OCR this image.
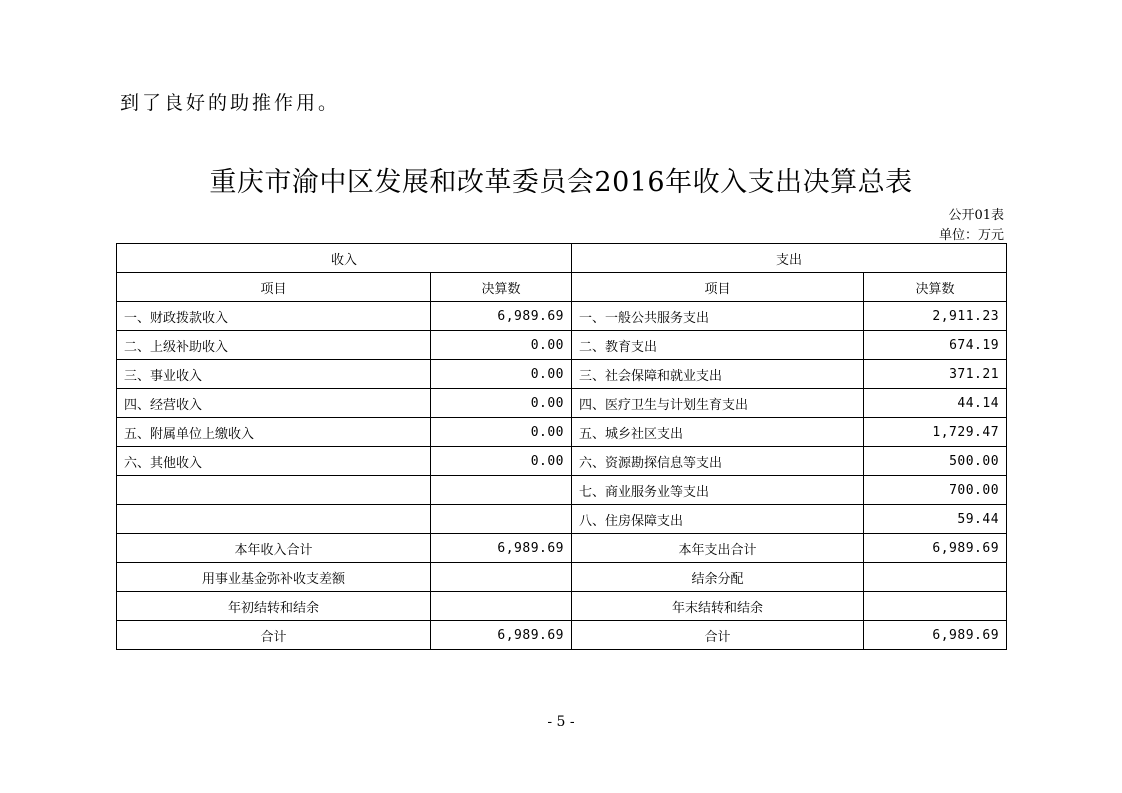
到了良好的助推作用。
重庆市渝中区发展和改革委员会2016年收入支出决算总表
公开01表
单位：万元
收入		支出	
项目	决算数	项目	决算数
一、财政拨款收入	6,989.69	一、一般公共服务支出	2,911.23
二、上级补助收入	0.00	二、教育支出	674.19
三、事业收入	0.00	三、社会保障和就业支出	371.21
四、经营收入	0.00	四、医疗卫生与计划生育支出	44.14
五、附属单位上缴收入	0.00	五、城乡社区支出	1,729.47
六、其他收入	0.00	六、资源勘探信息等支出	500.00
		七、商业服务业等支出	700.00
		八、住房保障支出	59.44
本年收入合计	6,989.69	本年支出合计	6,989.69
用事业基金弥补收支差额		结余分配	
年初结转和结余		年末结转和结余	
合计	6,989.69	合计	6,989.69
- 5 -
